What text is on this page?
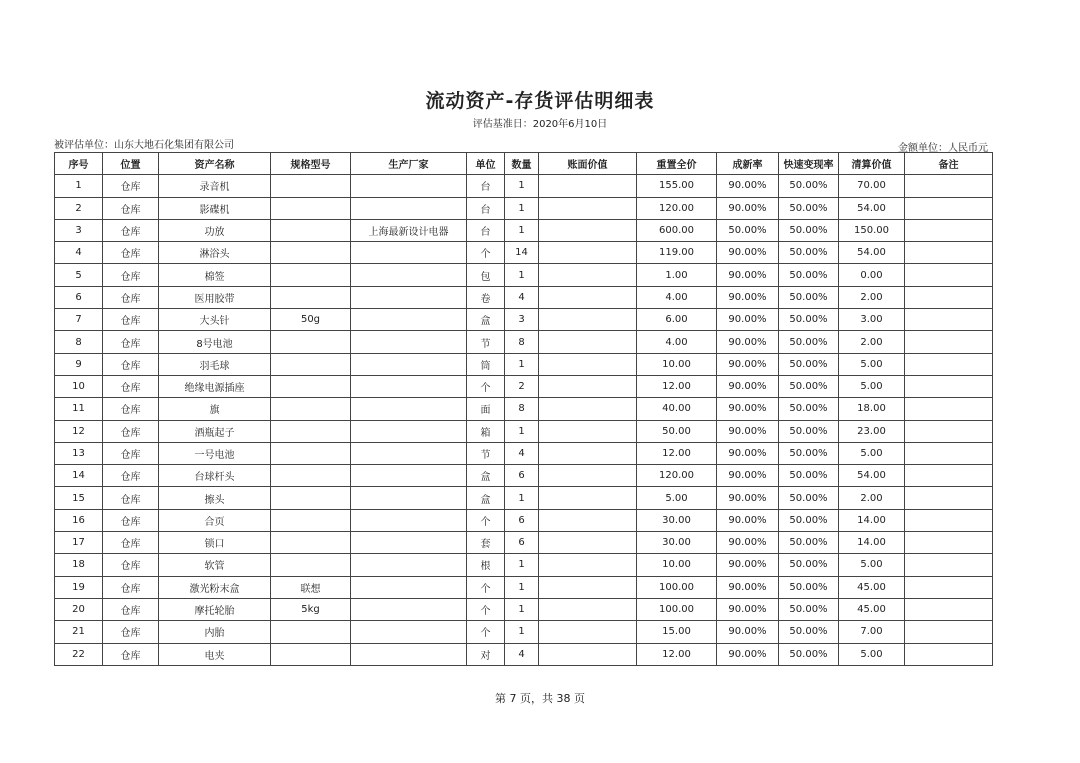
流动资产-存货评估明细表
评估基准日：2020年6月10日
被评估单位：山东大地石化集团有限公司	金额单位：人民币元
序号	位置	资产名称	规格型号	生产厂家	单位	数量	账面价值	重置全价	成新率	快速变现率	清算价值	备注
1	仓库	录音机			台	1		155.00	90.00%	50.00%	70.00	
2	仓库	影碟机			台	1		120.00	90.00%	50.00%	54.00	
3	仓库	功放		上海最新设计电器	台	1		600.00	50.00%	50.00%	150.00	
4	仓库	淋浴头			个	14		119.00	90.00%	50.00%	54.00	
5	仓库	棉签			包	1		1.00	90.00%	50.00%	0.00	
6	仓库	医用胶带			卷	4		4.00	90.00%	50.00%	2.00	
7	仓库	大头针	50g		盒	3		6.00	90.00%	50.00%	3.00	
8	仓库	8号电池			节	8		4.00	90.00%	50.00%	2.00	
9	仓库	羽毛球			筒	1		10.00	90.00%	50.00%	5.00	
10	仓库	绝缘电源插座			个	2		12.00	90.00%	50.00%	5.00	
11	仓库	旗			面	8		40.00	90.00%	50.00%	18.00	
12	仓库	酒瓶起子			箱	1		50.00	90.00%	50.00%	23.00	
13	仓库	一号电池			节	4		12.00	90.00%	50.00%	5.00	
14	仓库	台球杆头			盒	6		120.00	90.00%	50.00%	54.00	
15	仓库	擦头			盒	1		5.00	90.00%	50.00%	2.00	
16	仓库	合页			个	6		30.00	90.00%	50.00%	14.00	
17	仓库	锁口			套	6		30.00	90.00%	50.00%	14.00	
18	仓库	软管			根	1		10.00	90.00%	50.00%	5.00	
19	仓库	激光粉末盒	联想		个	1		100.00	90.00%	50.00%	45.00	
20	仓库	摩托轮胎	5kg		个	1		100.00	90.00%	50.00%	45.00	
21	仓库	内胎			个	1		15.00	90.00%	50.00%	7.00	
22	仓库	电夹			对	4		12.00	90.00%	50.00%	5.00	
第 7 页，共 38 页
